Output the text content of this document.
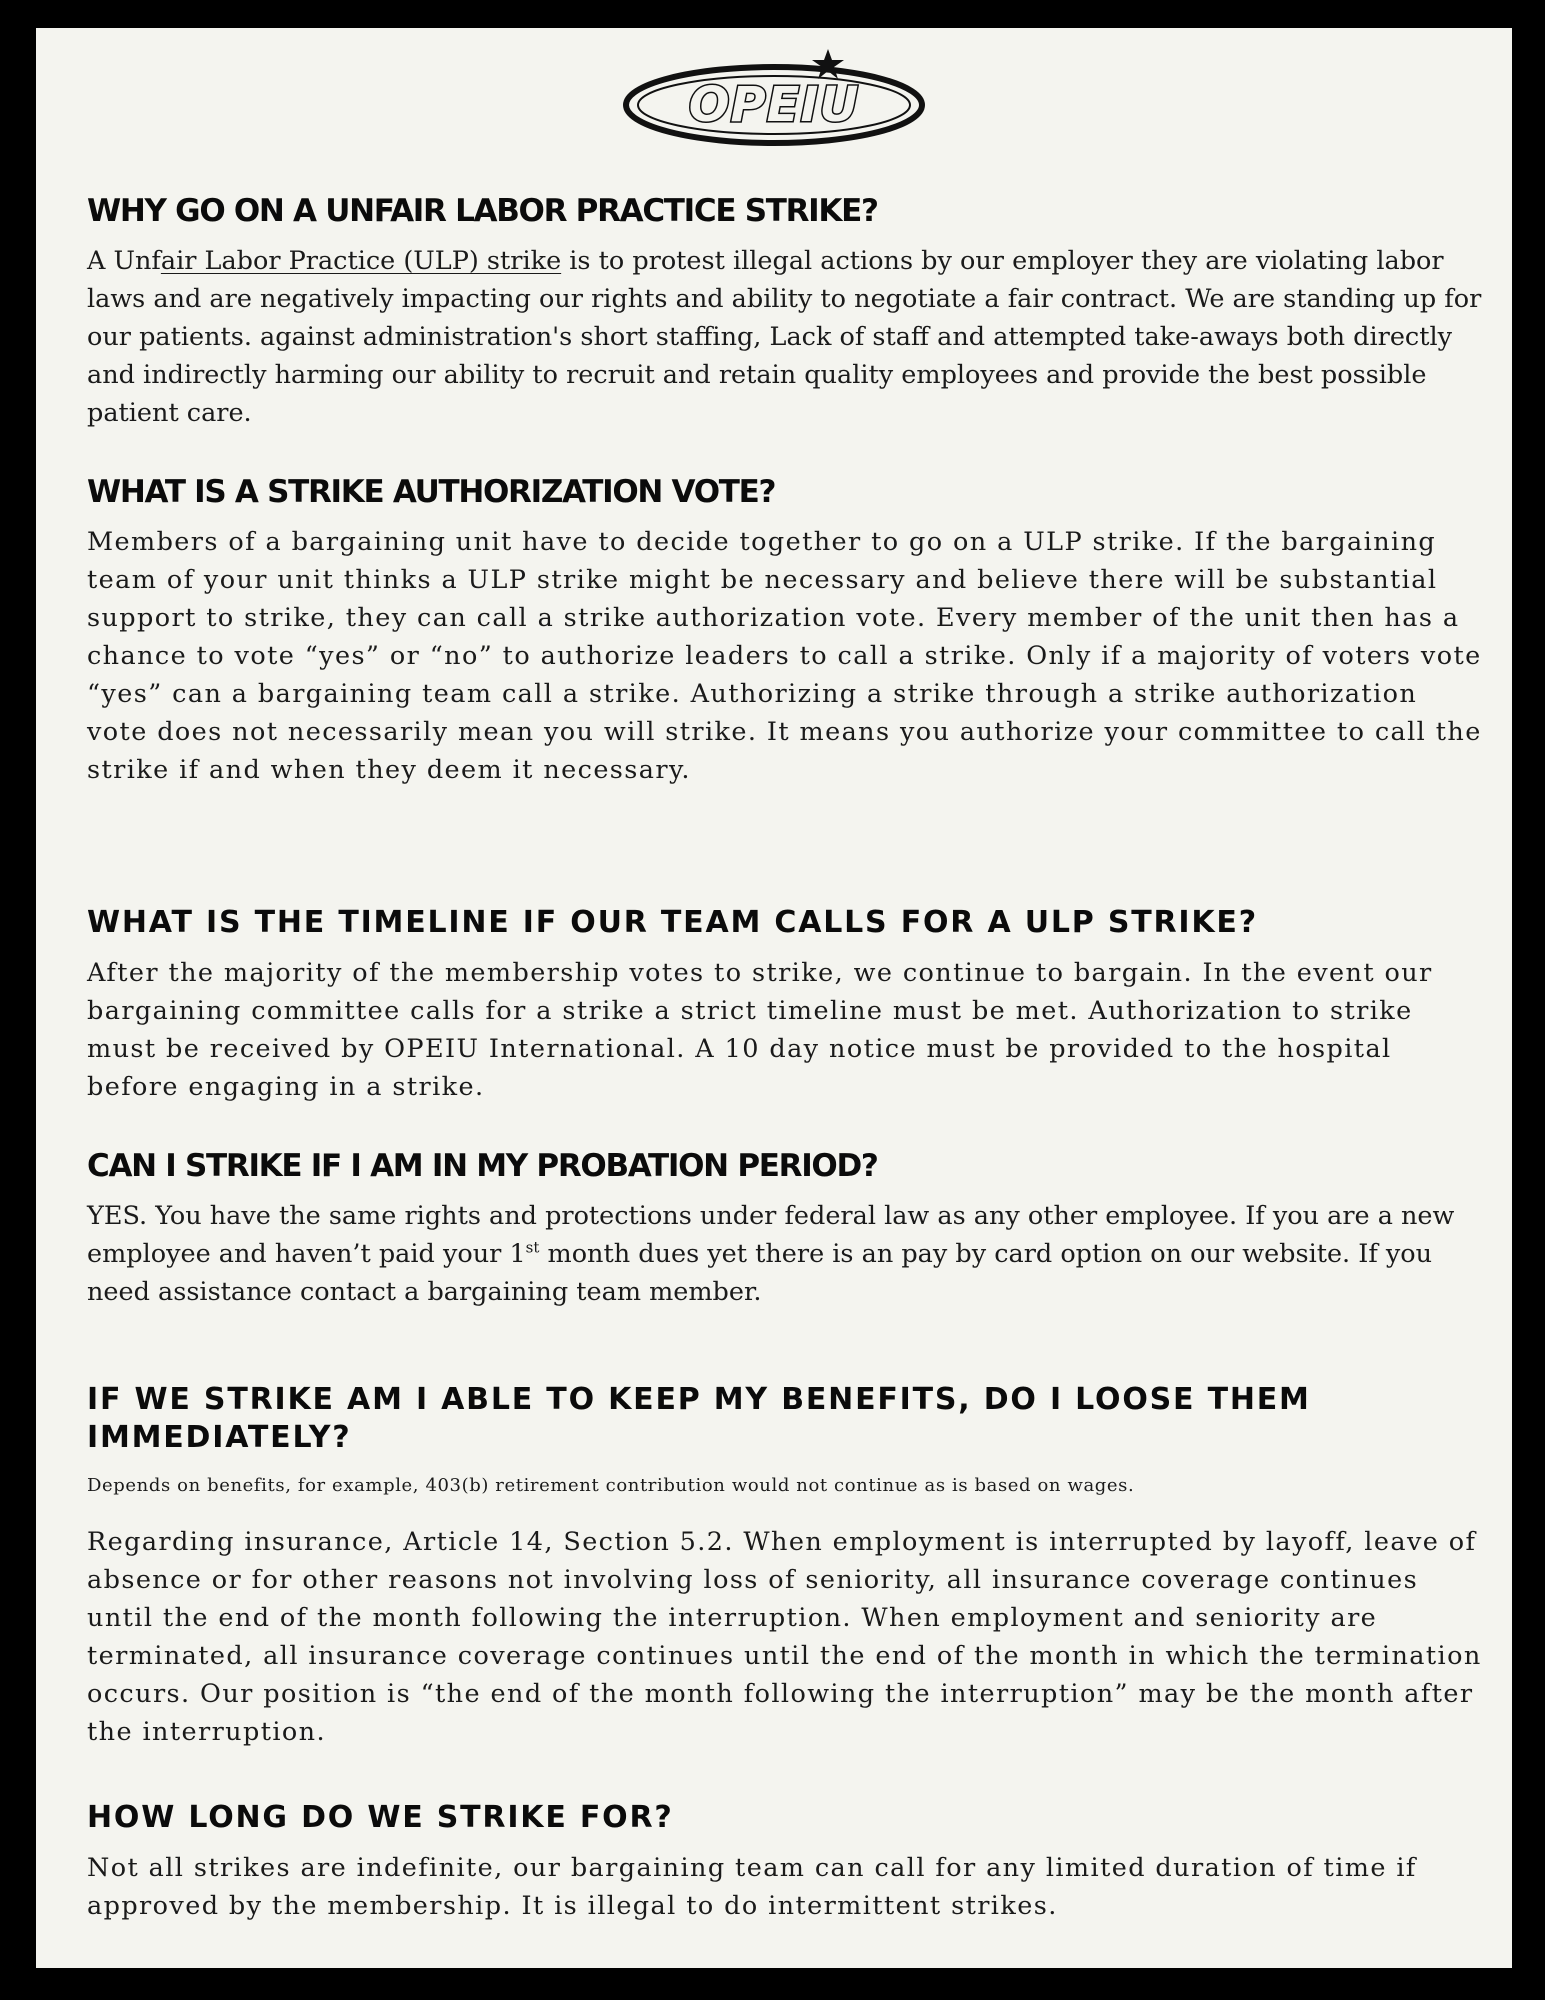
OPEIU
WHY GO ON A UNFAIR LABOR PRACTICE STRIKE?

A Unfair Labor Practice (ULP) strike is to protest illegal actions by our employer they are violating labor laws and are negatively impacting our rights and ability to negotiate a fair contract. We are standing up for our patients. against administration's short staffing, Lack of staff and attempted take-aways both directly and indirectly harming our ability to recruit and retain quality employees and provide the best possible patient care.

WHAT IS A STRIKE AUTHORIZATION VOTE?

Members of a bargaining unit have to decide together to go on a ULP strike. If the bargaining team of your unit thinks a ULP strike might be necessary and believe there will be substantial support to strike, they can call a strike authorization vote. Every member of the unit then has a chance to vote “yes” or “no” to authorize leaders to call a strike. Only if a majority of voters vote “yes” can a bargaining team call a strike. Authorizing a strike through a strike authorization vote does not necessarily mean you will strike. It means you authorize your committee to call the strike if and when they deem it necessary.

WHAT IS THE TIMELINE IF OUR TEAM CALLS FOR A ULP STRIKE?

After the majority of the membership votes to strike, we continue to bargain. In the event our bargaining committee calls for a strike a strict timeline must be met. Authorization to strike must be received by OPEIU International. A 10 day notice must be provided to the hospital before engaging in a strike.

CAN I STRIKE IF I AM IN MY PROBATION PERIOD?

YES. You have the same rights and protections under federal law as any other employee. If you are a new employee and haven’t paid your 1st month dues yet there is an pay by card option on our website. If you need assistance contact a bargaining team member.

IF WE STRIKE AM I ABLE TO KEEP MY BENEFITS, DO I LOOSE THEM IMMEDIATELY?

Depends on benefits, for example, 403(b) retirement contribution would not continue as is based on wages.

Regarding insurance, Article 14, Section 5.2. When employment is interrupted by layoff, leave of absence or for other reasons not involving loss of seniority, all insurance coverage continues until the end of the month following the interruption. When employment and seniority are terminated, all insurance coverage continues until the end of the month in which the termination occurs. Our position is “the end of the month following the interruption” may be the month after the interruption.

HOW LONG DO WE STRIKE FOR?

Not all strikes are indefinite, our bargaining team can call for any limited duration of time if approved by the membership. It is illegal to do intermittent strikes.
